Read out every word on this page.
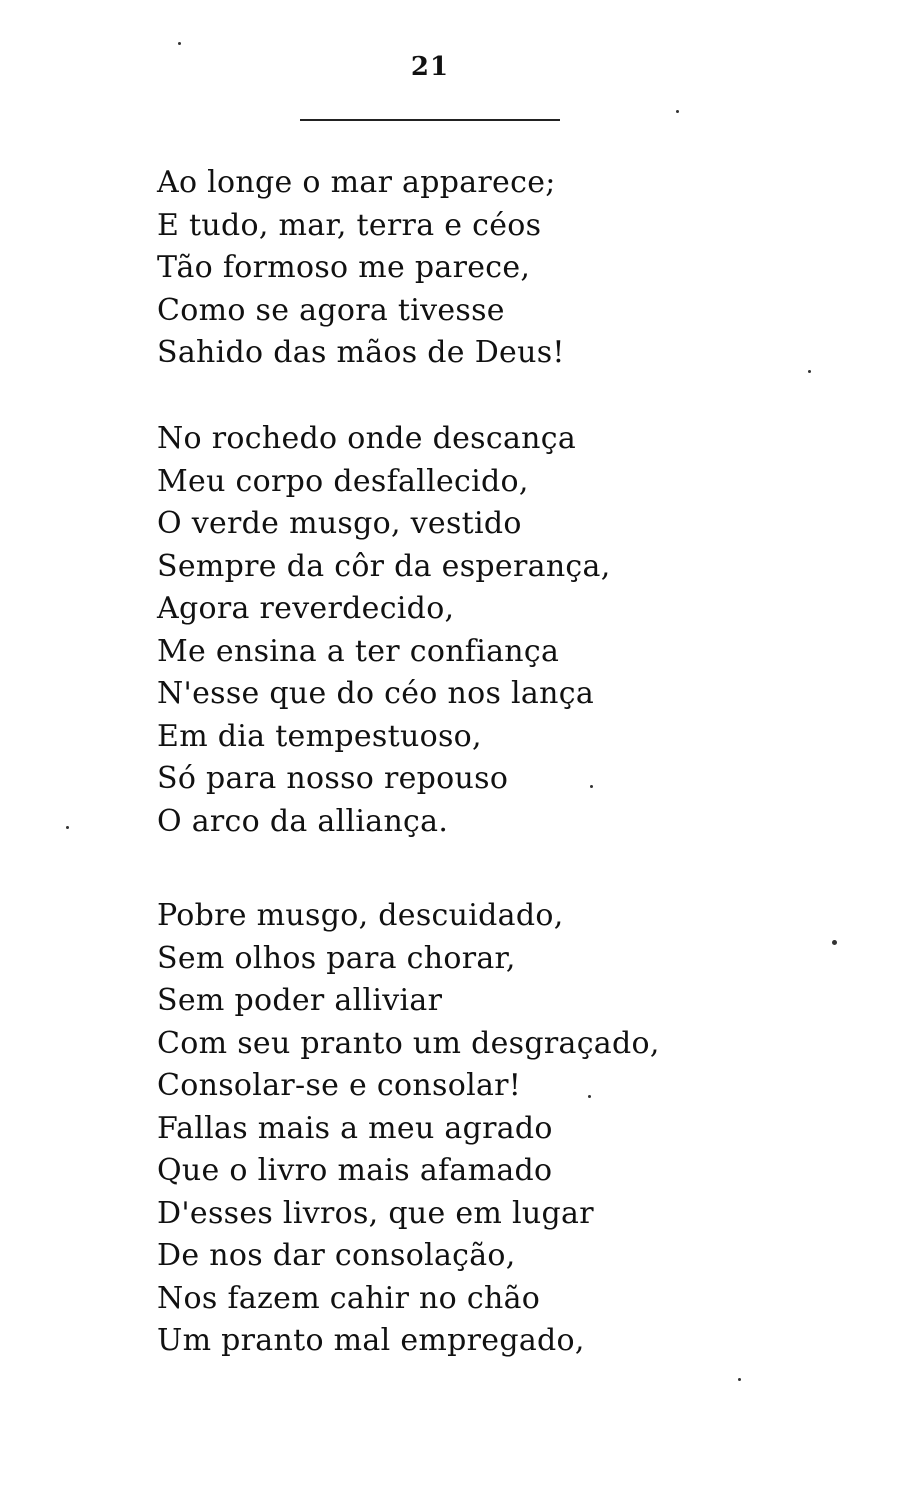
21
Ao longe o mar apparece;
E tudo, mar, terra e céos
Tão formoso me parece,
Como se agora tivesse
Sahido das mãos de Deus!
No rochedo onde descança
Meu corpo desfallecido,
O verde musgo, vestido
Sempre da côr da esperança,
Agora reverdecido,
Me ensina a ter confiança
N'esse que do céo nos lança
Em dia tempestuoso,
Só para nosso repouso
O arco da alliança.
Pobre musgo, descuidado,
Sem olhos para chorar,
Sem poder alliviar
Com seu pranto um desgraçado,
Consolar-se e consolar!
Fallas mais a meu agrado
Que o livro mais afamado
D'esses livros, que em lugar
De nos dar consolação,
Nos fazem cahir no chão
Um pranto mal empregado,
